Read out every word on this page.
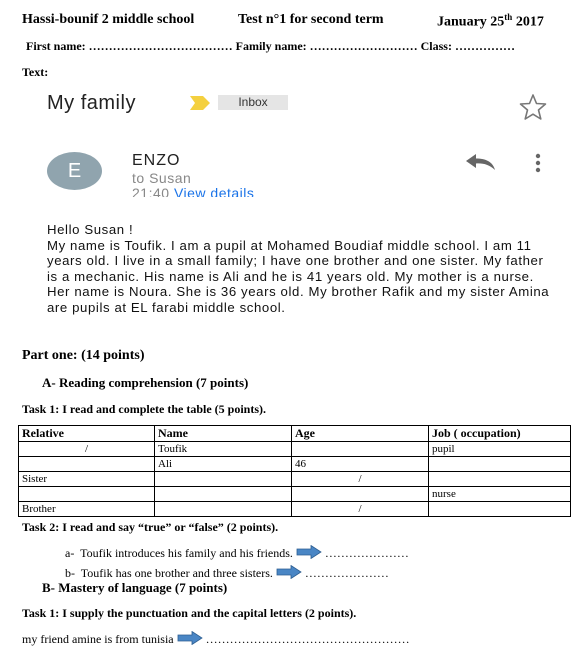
Hassi-bounif 2 middle school	Test n°1 for second term	January 25th 2017
First name: ……………………………… Family name: ……………………… Class: ……………
Text:
My family	Inbox
E	ENZO
to Susan
21:40 View details

Hello Susan !

My name is Toufik. I am a pupil at Mohamed Boudiaf middle school. I am 11 years old. I live in a small family; I have one brother and one sister. My father is a mechanic. His name is Ali and he is 41 years old. My mother is a nurse. Her name is Noura. She is 36 years old. My brother Rafik and my sister Amina are pupils at EL farabi middle school.

Part one: (14 points)
A- Reading comprehension (7 points)
Task 1: I read and complete the table (5 points).
Relative	Name	Age	Job ( occupation)
/	Toufik		pupil
	Ali	46	
Sister		/	
			nurse
Brother		/	
Task 2: I read and say “true” or “false” (2 points).
a- Toufik introduces his family and his friends.	…………………
b- Toufik has one brother and three sisters.	…………………
B- Mastery of language (7 points)
Task 1: I supply the punctuation and the capital letters (2 points).
my friend amine is from tunisia	……………………………………………
